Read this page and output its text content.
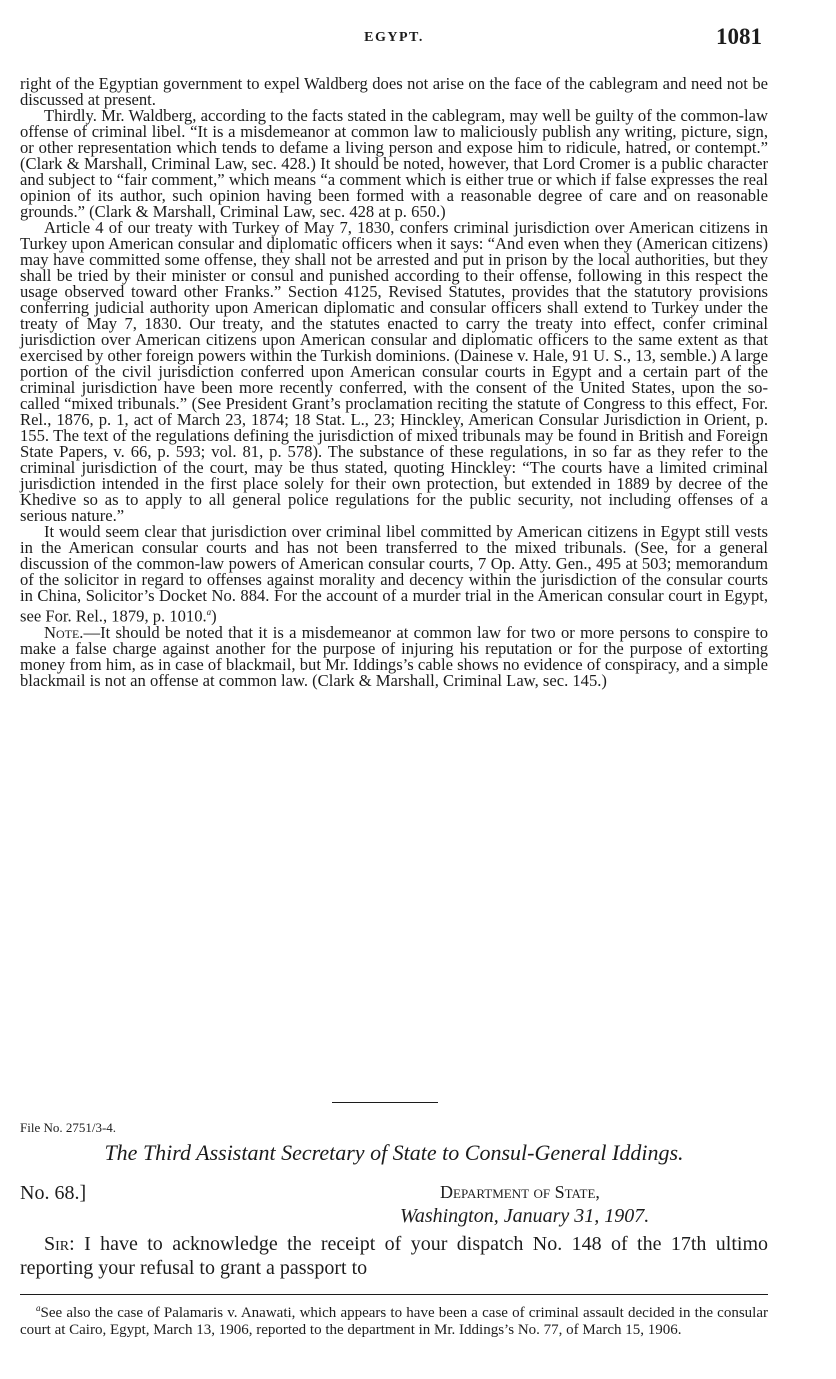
EGYPT.	1081

right of the Egyptian government to expel Waldberg does not arise on the face of the cablegram and need not be discussed at present.

Thirdly. Mr. Waldberg, according to the facts stated in the cablegram, may well be guilty of the common-law offense of criminal libel. “It is a misdemeanor at common law to maliciously publish any writing, picture, sign, or other representation which tends to defame a living person and expose him to ridicule, hatred, or contempt.” (Clark & Marshall, Criminal Law, sec. 428.) It should be noted, however, that Lord Cromer is a public character and subject to “fair comment,” which means “a comment which is either true or which if false expresses the real opinion of its author, such opinion having been formed with a reasonable degree of care and on reasonable grounds.” (Clark & Marshall, Criminal Law, sec. 428 at p. 650.)

Article 4 of our treaty with Turkey of May 7, 1830, confers criminal jurisdiction over American citizens in Turkey upon American consular and diplomatic officers when it says: “And even when they (American citizens) may have committed some offense, they shall not be arrested and put in prison by the local authorities, but they shall be tried by their minister or consul and punished according to their offense, following in this respect the usage observed toward other Franks.” Section 4125, Revised Statutes, provides that the statutory provisions conferring judicial authority upon American diplomatic and consular officers shall extend to Turkey under the treaty of May 7, 1830. Our treaty, and the statutes enacted to carry the treaty into effect, confer criminal jurisdiction over American citizens upon American consular and diplomatic officers to the same extent as that exercised by other foreign powers within the Turkish dominions. (Dainese v. Hale, 91 U. S., 13, semble.) A large portion of the civil jurisdiction conferred upon American consular courts in Egypt and a certain part of the criminal jurisdiction have been more recently conferred, with the consent of the United States, upon the so-called “mixed tribunals.” (See President Grant’s proclamation reciting the statute of Congress to this effect, For. Rel., 1876, p. 1, act of March 23, 1874; 18 Stat. L., 23; Hinckley, American Consular Jurisdiction in Orient, p. 155. The text of the regulations defining the jurisdiction of mixed tribunals may be found in British and Foreign State Papers, v. 66, p. 593; vol. 81, p. 578). The substance of these regulations, in so far as they refer to the criminal jurisdiction of the court, may be thus stated, quoting Hinckley: “The courts have a limited criminal jurisdiction intended in the first place solely for their own protection, but extended in 1889 by decree of the Khedive so as to apply to all general police regulations for the public security, not including offenses of a serious nature.”

It would seem clear that jurisdiction over criminal libel committed by American citizens in Egypt still vests in the American consular courts and has not been transferred to the mixed tribunals. (See, for a general discussion of the common-law powers of American consular courts, 7 Op. Atty. Gen., 495 at 503; memorandum of the solicitor in regard to offenses against morality and decency within the jurisdiction of the consular courts in China, Solicitor’s Docket No. 884. For the account of a murder trial in the American consular court in Egypt, see For. Rel., 1879, p. 1010.$^a$)

Note.—It should be noted that it is a misdemeanor at common law for two or more persons to conspire to make a false charge against another for the purpose of injuring his reputation or for the purpose of extorting money from him, as in case of blackmail, but Mr. Iddings’s cable shows no evidence of conspiracy, and a simple blackmail is not an offense at common law. (Clark & Marshall, Criminal Law, sec. 145.)

File No. 2751/3-4.
The Third Assistant Secretary of State to Consul-General Iddings.
No. 68.]	Department of State,
Washington, January 31, 1907.

Sir: I have to acknowledge the receipt of your dispatch No. 148 of the 17th ultimo reporting your refusal to grant a passport to

$^a$See also the case of Palamaris v. Anawati, which appears to have been a case of criminal assault decided in the consular court at Cairo, Egypt, March 13, 1906, reported to the department in Mr. Iddings’s No. 77, of March 15, 1906.
